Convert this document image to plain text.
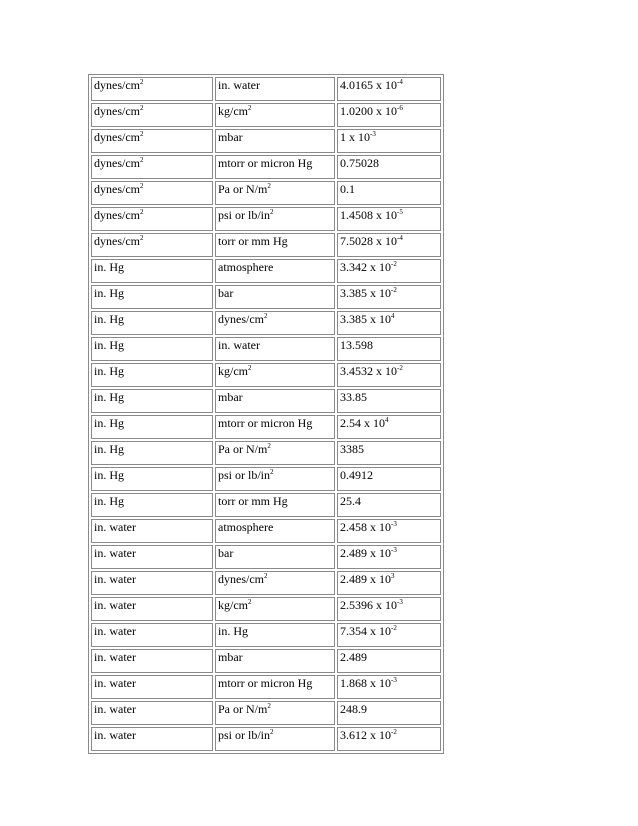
dynes/$cm^2$	in. water	4.0165 x $10^{-4}$
dynes/$cm^2$	$kg/cm^2$	1.0200 x $10^{-6}$
dynes/$cm^2$	mbar	1 x $10^{-3}$
dynes/$cm^2$	mtorr or micron Hg	0.75028
dynes/$cm^2$	Pa or $N/m^2$	0.1
dynes/$cm^2$	psi or $lb/in^2$	1.4508 x $10^{-5}$
dynes/$cm^2$	torr or mm Hg	7.5028 x $10^{-4}$
in. Hg	atmosphere	3.342 x $10^{-2}$
in. Hg	bar	3.385 x $10^{-2}$
in. Hg	dynes/$cm^2$	3.385 x $10^4$
in. Hg	in. water	13.598
in. Hg	$kg/cm^2$	3.4532 x $10^{-2}$
in. Hg	mbar	33.85
in. Hg	mtorr or micron Hg	2.54 x $10^4$
in. Hg	Pa or $N/m^2$	3385
in. Hg	psi or $lb/in^2$	0.4912
in. Hg	torr or mm Hg	25.4
in. water	atmosphere	2.458 x $10^{-3}$
in. water	bar	2.489 x $10^{-3}$
in. water	dynes/$cm^2$	2.489 x $10^3$
in. water	$kg/cm^2$	2.5396 x $10^{-3}$
in. water	in. Hg	7.354 x $10^{-2}$
in. water	mbar	2.489
in. water	mtorr or micron Hg	1.868 x $10^{-3}$
in. water	Pa or $N/m^2$	248.9
in. water	psi or $lb/in^2$	3.612 x $10^{-2}$
